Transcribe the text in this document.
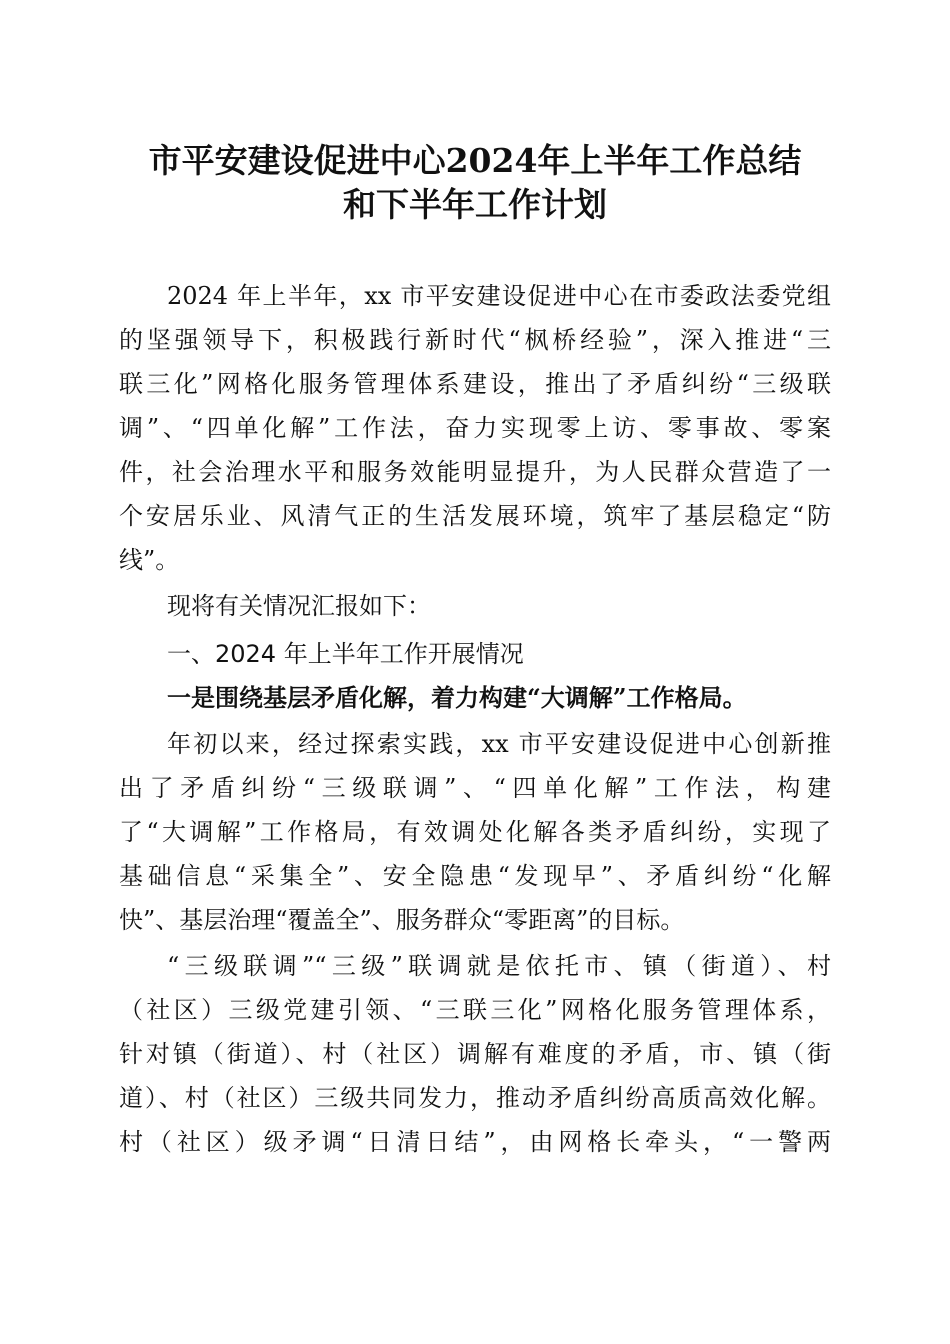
市平安建设促进中心2024年上半年工作总结
和下半年工作计划
2024 年上半年，xx 市平安建设促进中心在市委政法委党组
的坚强领导下，积极践行新时代“枫桥经验”，深入推进“三
联三化”网格化服务管理体系建设，推出了矛盾纠纷“三级联
调”、“四单化解”工作法，奋力实现零上访、零事故、零案
件，社会治理水平和服务效能明显提升，为人民群众营造了一
个安居乐业、风清气正的生活发展环境，筑牢了基层稳定“防
线”。
现将有关情况汇报如下：
一、2024 年上半年工作开展情况
一是围绕基层矛盾化解，着力构建“大调解”工作格局。
年初以来，经过探索实践，xx 市平安建设促进中心创新推
出了矛盾纠纷“三级联调”、“四单化解”工作法，构建
了“大调解”工作格局，有效调处化解各类矛盾纠纷，实现了
基础信息“采集全”、安全隐患“发现早”、矛盾纠纷“化解
快”、基层治理“覆盖全”、服务群众“零距离”的目标。
“三级联调”“三级”联调就是依托市、镇（街道）、村
（社区）三级党建引领、“三联三化”网格化服务管理体系，
针对镇（街道）、村（社区）调解有难度的矛盾，市、镇（街
道）、村（社区）三级共同发力，推动矛盾纠纷高质高效化解。
村（社区）级矛调“日清日结”，由网格长牵头，“一警两
